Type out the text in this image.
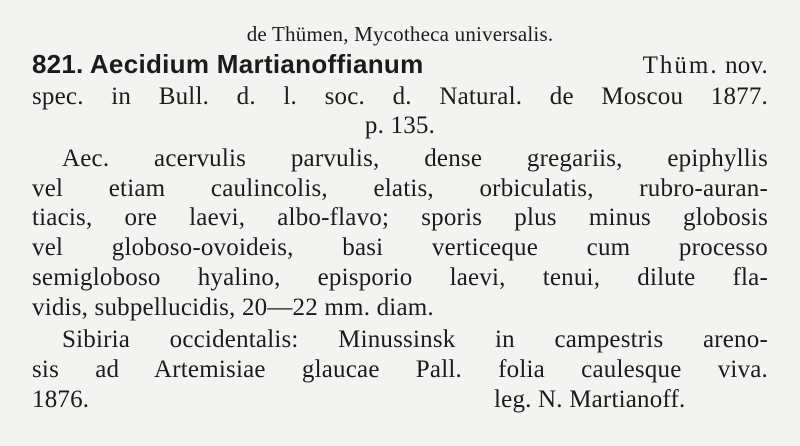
de Thümen, Mycotheca universalis.
821. Aecidium Martianoffianum	Thüm. nov.
spec. in Bull. d. l. soc. d. Natural. de Moscou 1877.
p. 135.
Aec. acervulis parvulis, dense gregariis, epiphyllis
vel etiam caulincolis, elatis, orbiculatis, rubro-auran-
tiacis, ore laevi, albo-flavo; sporis plus minus globosis
vel globoso-ovoideis, basi verticeque cum processo
semigloboso hyalino, episporio laevi, tenui, dilute fla-
vidis, subpellucidis, 20—22 mm. diam.
Sibiria occidentalis: Minussinsk in campestris areno-
sis ad Artemisiae glaucae Pall. folia caulesque viva.
1876.	leg. N. Martianoff.
